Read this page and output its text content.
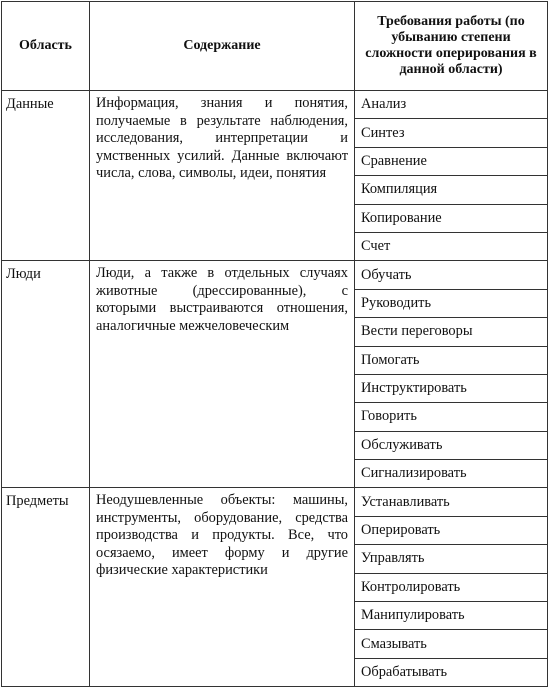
Область	Содержание	Требования работы (по убыванию степени сложности оперирования в данной области)
Данные	Информация, знания и понятия, получаемые в результате наблюдения, исследования, интерпретации и умственных усилий. Данные включают числа, слова, символы, идеи, понятия	Анализ
		Синтез
		Сравнение
		Компиляция
		Копирование
		Счет
Люди	Люди, а также в отдельных случаях животные (дрессированные), с которыми выстраиваются отношения, аналогичные межчеловеческим	Обучать
		Руководить
		Вести переговоры
		Помогать
		Инструктировать
		Говорить
		Обслуживать
		Сигнализировать
Предметы	Неодушевленные объекты: машины, инструменты, оборудование, средства производства и продукты. Все, что осязаемо, имеет форму и другие физические характеристики	Устанавливать
		Оперировать
		Управлять
		Контролировать
		Манипулировать
		Смазывать
		Обрабатывать
